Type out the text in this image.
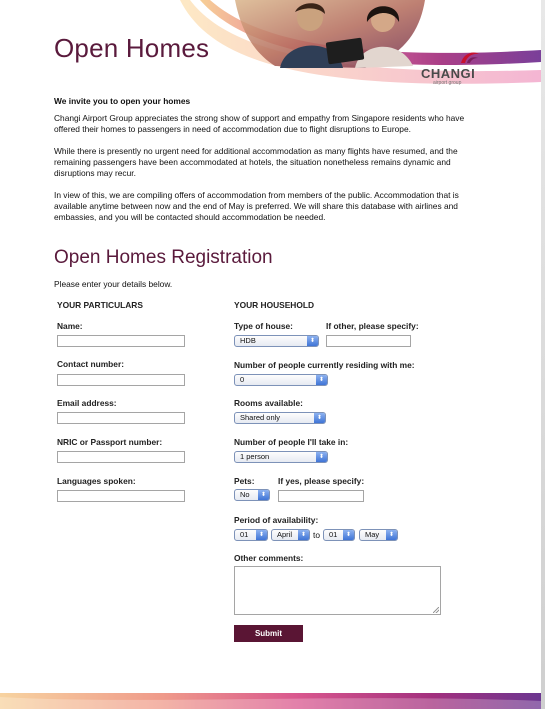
Open Homes
CHANGI
airport group

We invite you to open your homes

Changi Airport Group appreciates the strong show of support and empathy from Singapore residents who have offered their homes to passengers in need of accommodation due to flight disruptions to Europe.

While there is presently no urgent need for additional accommodation as many flights have resumed, and the remaining passengers have been accommodated at hotels, the situation nonetheless remains dynamic and disruptions may recur.

In view of this, we are compiling offers of accommodation from members of the public. Accommodation that is available anytime between now and the end of May is preferred. We will share this database with airlines and embassies, and you will be contacted should accommodation be needed.

Open Homes Registration
Please enter your details below.
YOUR PARTICULARS
Name:
Contact number:
Email address:
NRIC or Passport number:
Languages spoken:
YOUR HOUSEHOLD
Type of house:
HDB	⬍
If other, please specify:
Number of people currently residing with me:
0	⬍
Rooms available:
Shared only	⬍
Number of people I'll take in:
1 person	⬍
Pets:
No	⬍
If yes, please specify:
Period of availability:
01	⬍	April	⬍ to	01	⬍	May	⬍
Other comments:
Submit
